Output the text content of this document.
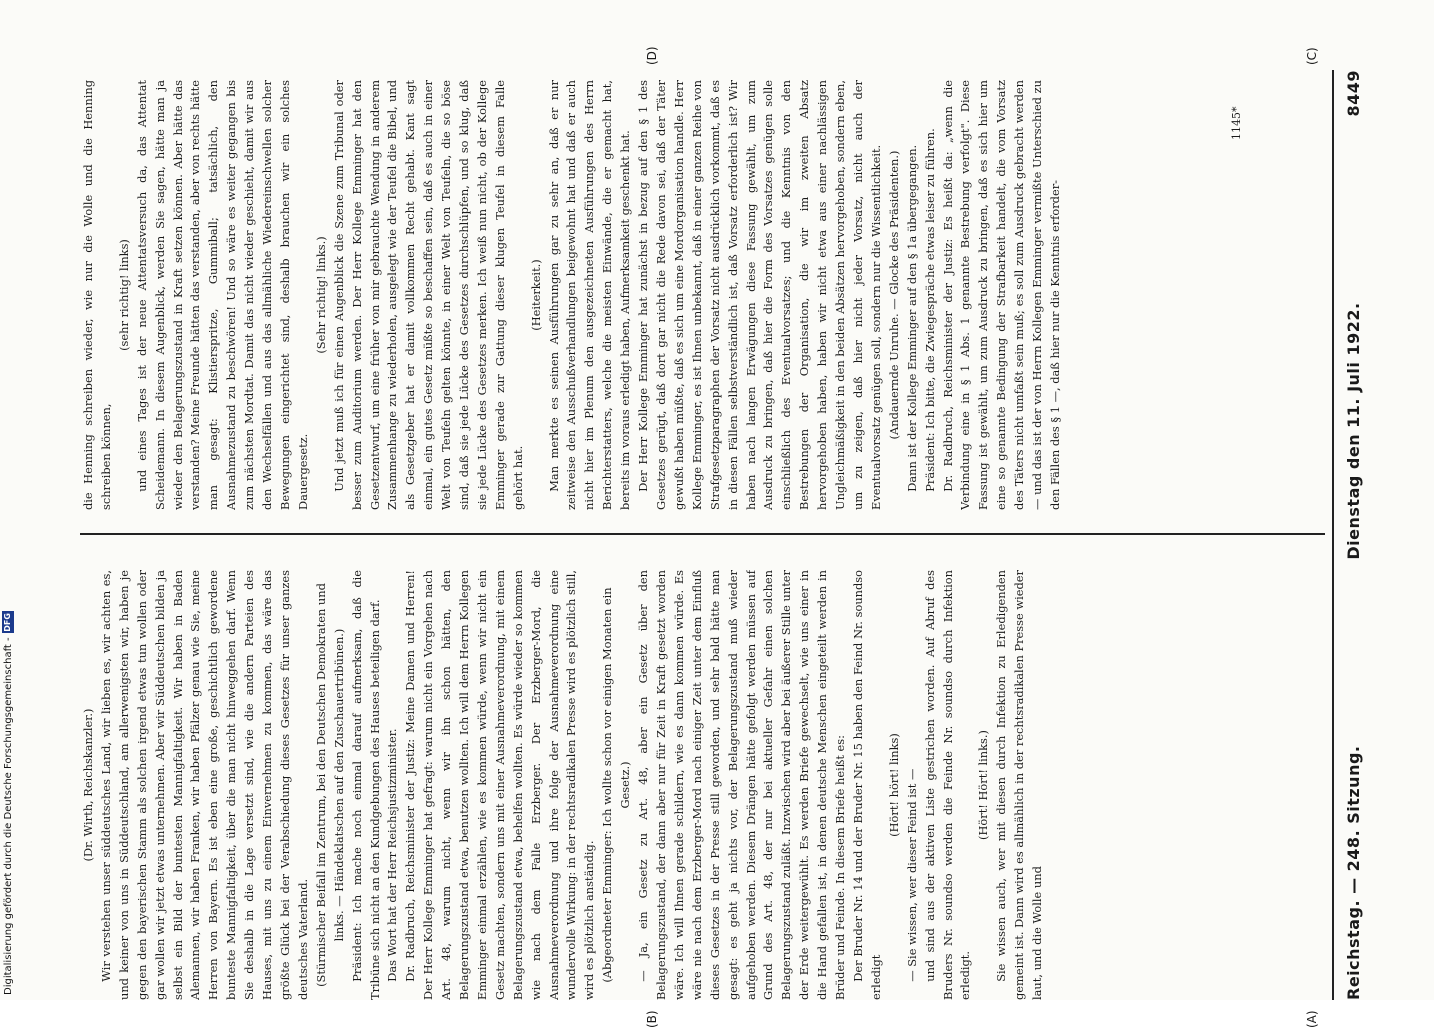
(Dr. Wirth, Reichskanzler.) Wir verstehen unser süddeutsches Land, wir lieben es, wir achten es, und keiner von uns in Süddeutschland, am allerwenigsten wir, haben je gegen den bayerischen Stamm als solchen irgend etwas tun wollen oder gar wollen wir jetzt etwas unternehmen. Aber wir Süddeutschen bilden ja selbst ein Bild der buntesten Mannigfaltigkeit. Wir haben in Baden Alemannen, wir haben Franken, wir haben Pfälzer genau wie Sie, meine Herren von Bayern. Es ist eben eine große, geschichtlich gewordene bunteste Mannigfaltigkeit, über die man nicht hinweggehen darf. Wenn Sie deshalb in die Lage versetzt sind, wie die andern Parteien des Hauses, mit uns zu einem Einvernehmen zu kommen, das wäre das größte Glück bei der Verabschiedung dieses Gesetzes für unser ganzes deutsches Vaterland. (Stürmischer Beifall im Zentrum, bei den Deutschen Demokraten und links. — Händeklatschen auf den Zuschauertribünen.) Präsident: Ich mache noch einmal darauf aufmerksam, daß die Tribüne sich nicht an den Kundgebungen des Hauses beteiligen darf. Das Wort hat der Herr Reichsjustizminister. Dr. Radbruch, Reichsminister der Justiz: Meine Damen und Herren! Der Herr Kollege Emminger hat gefragt: warum nicht ein Vorgehen nach Art. 48, warum nicht, wenn wir ihn schon hätten, den Belagerungszustand etwa, benutzen wollten. Ich will dem Herrn Kollegen Emminger einmal erzählen, wie es kommen würde, wenn wir nicht ein Gesetz machten, sondern uns mit einer Ausnahmeverordnung, mit einem Belagerungszustand etwa, behelfen wollten. Es würde wieder so kommen wie nach dem Falle Erzberger. Der Erzberger-Mord, die Ausnahmeverordnung und ihre folge der Ausnahmeverordnung eine wundervolle Wirkung: in der rechtsradikalen Presse wird es plötzlich still, wird es plötzlich anständig. (Abgeordneter Emminger: Ich wollte schon vor einigen Monaten ein Gesetz.) — Ja, ein Gesetz zu Art. 48, aber ein Gesetz über den Belagerungszustand, der dann aber nur für Zeit in Kraft gesetzt worden wäre. Ich will Ihnen gerade schildern, wie es dann kommen würde. Es wäre nie nach dem Erzberger-Mord nach einiger Zeit unter dem Einfluß dieses Gesetzes in der Presse still geworden, und sehr bald hätte man gesagt: es geht ja nichts vor, der Belagerungszustand muß wieder aufgehoben werden. Diesem Drängen hätte gefolgt werden müssen auf Grund des Art. 48, der nur bei aktueller Gefahr einen solchen Belagerungszustand zuläßt. Inzwischen wird aber bei äußerer Stille unter der Erde weitergewühlt. Es werden Briefe gewechselt, wie uns einer in die Hand gefallen ist, in denen deutsche Menschen eingeteilt werden in Brüder und Feinde. In diesem Briefe heißt es: Der Bruder Nr. 14 und der Bruder Nr. 15 haben den Feind Nr. soundso erledigt

(Hört! hört! links) — Sie wissen, wer dieser Feind ist — und sind aus der aktiven Liste gestrichen worden. Auf Abruf des Bruders Nr. soundso werden die Feinde Nr. soundso durch Infektion erledigt.

(Hört! Hört! links.) Sie wissen auch, wer mit diesen durch Infektion zu Erledigenden gemeint ist. Dann wird es allmählich in der rechtsradikalen Presse wieder laut, und die Wolle und

die Henning schreiben wieder, wie nur die Wolle und die Henning schreiben können,

(sehr richtig! links) und eines Tages ist der neue Attentatsversuch da, das Attentat Scheidemann. In diesem Augenblick, werden Sie sagen, hätte man ja wieder den Belagerungszustand in Kraft setzen können. Aber hätte das verstanden? Meine Freunde hätten das verstanden, aber von rechts hätte man gesagt: Klistierspritze, Gummiball; tatsächlich, den Ausnahmezustand zu beschwören! Und so wäre es weiter gegangen bis zum nächsten Mordtat. Damit das nicht wieder geschieht, damit wir aus den Wechselfällen und aus das allmähliche Wiedereinschwellen solcher Bewegungen eingerichtet sind, deshalb brauchen wir ein solches Dauergesetz.

(Sehr richtig! links.) Und jetzt muß ich für einen Augenblick die Szene zum Tribunal oder besser zum Auditorium werden. Der Herr Kollege Emminger hat den Gesetzentwurf, um eine früher von mir gebrauchte Wendung in anderem Zusammenhange zu wiederholen, ausgelegt wie der Teufel die Bibel, und als Gesetzgeber hat er damit vollkommen Recht gehabt. Kant sagt einmal, ein gutes Gesetz müßte so beschaffen sein, daß es auch in einer Welt von Teufeln gelten könnte, in einer Welt von Teufeln, die so böse sind, daß sie jede Lücke des Gesetzes durchschlüpfen, und so klug, daß sie jede Lücke des Gesetzes merken. Ich weiß nun nicht, ob der Kollege Emminger gerade zur Gattung dieser klugen Teufel in diesem Falle gehört hat.

(Heiterkeit.) Man merkte es seinen Ausführungen gar zu sehr an, daß er nur zeitweise den Ausschußverhandlungen beigewohnt hat und daß er auch nicht hier im Plenum den ausgezeichneten Ausführungen des Herrn Berichterstatters, welche die meisten Einwände, die er gemacht hat, bereits im voraus erledigt haben, Aufmerksamkeit geschenkt hat. Der Herr Kollege Emminger hat zunächst in bezug auf den § 1 des Gesetzes gerügt, daß dort gar nicht die Rede davon sei, daß der Täter gewußt haben müßte, daß es sich um eine Mordorganisation handle. Herr Kollege Emminger, es ist Ihnen unbekannt, daß in einer ganzen Reihe von Strafgesetzparagraphen der Vorsatz nicht ausdrücklich vorkommt, daß es in diesen Fällen selbstverständlich ist, daß Vorsatz erforderlich ist? Wir haben nach langen Erwägungen diese Fassung gewählt, um zum Ausdruck zu bringen, daß hier die Form des Vorsatzes genügen solle einschließlich des Eventualvorsatzes; und die Kenntnis von den Bestrebungen der Organisation, die wir im zweiten Absatz hervorgehoben haben, haben wir nicht etwa aus einer nachlässigen Ungleichmäßigkeit in den beiden Absätzen hervorgehoben, sondern eben, um zu zeigen, daß hier nicht jeder Vorsatz, nicht auch der Eventualvorsatz genügen soll, sondern nur die Wissentlichkeit. (Andauernde Unruhe. — Glocke des Präsidenten.) Dann ist der Kollege Emminger auf den § 1a übergegangen. Präsident: Ich bitte, die Zwiegespräche etwas leiser zu führen. Dr. Radbruch, Reichsminister der Justiz: Es heißt da: „wenn die Verbindung eine in § 1 Abs. 1 genannte Bestrebung verfolgt". Diese Fassung ist gewählt, um zum Ausdruck zu bringen, daß es sich hier um eine so genannte Bedingung der Strafbarkeit handelt, die vom Vorsatz des Täters nicht umfaßt sein muß; es soll zum Ausdruck gebracht werden — und das ist der von Herrn Kollegen Emminger vermißte Unterschied zu den Fällen des § 1 —, daß hier nur die Kenntnis erforder-

Reichstag. — 248. Sitzung.
Dienstag den 11. Juli 1922.
8449
(A)
(B)
(C)
(D)
1145*
Digitalisierung gefördert durch die Deutsche Forschungsgemeinschaft -
DFG
